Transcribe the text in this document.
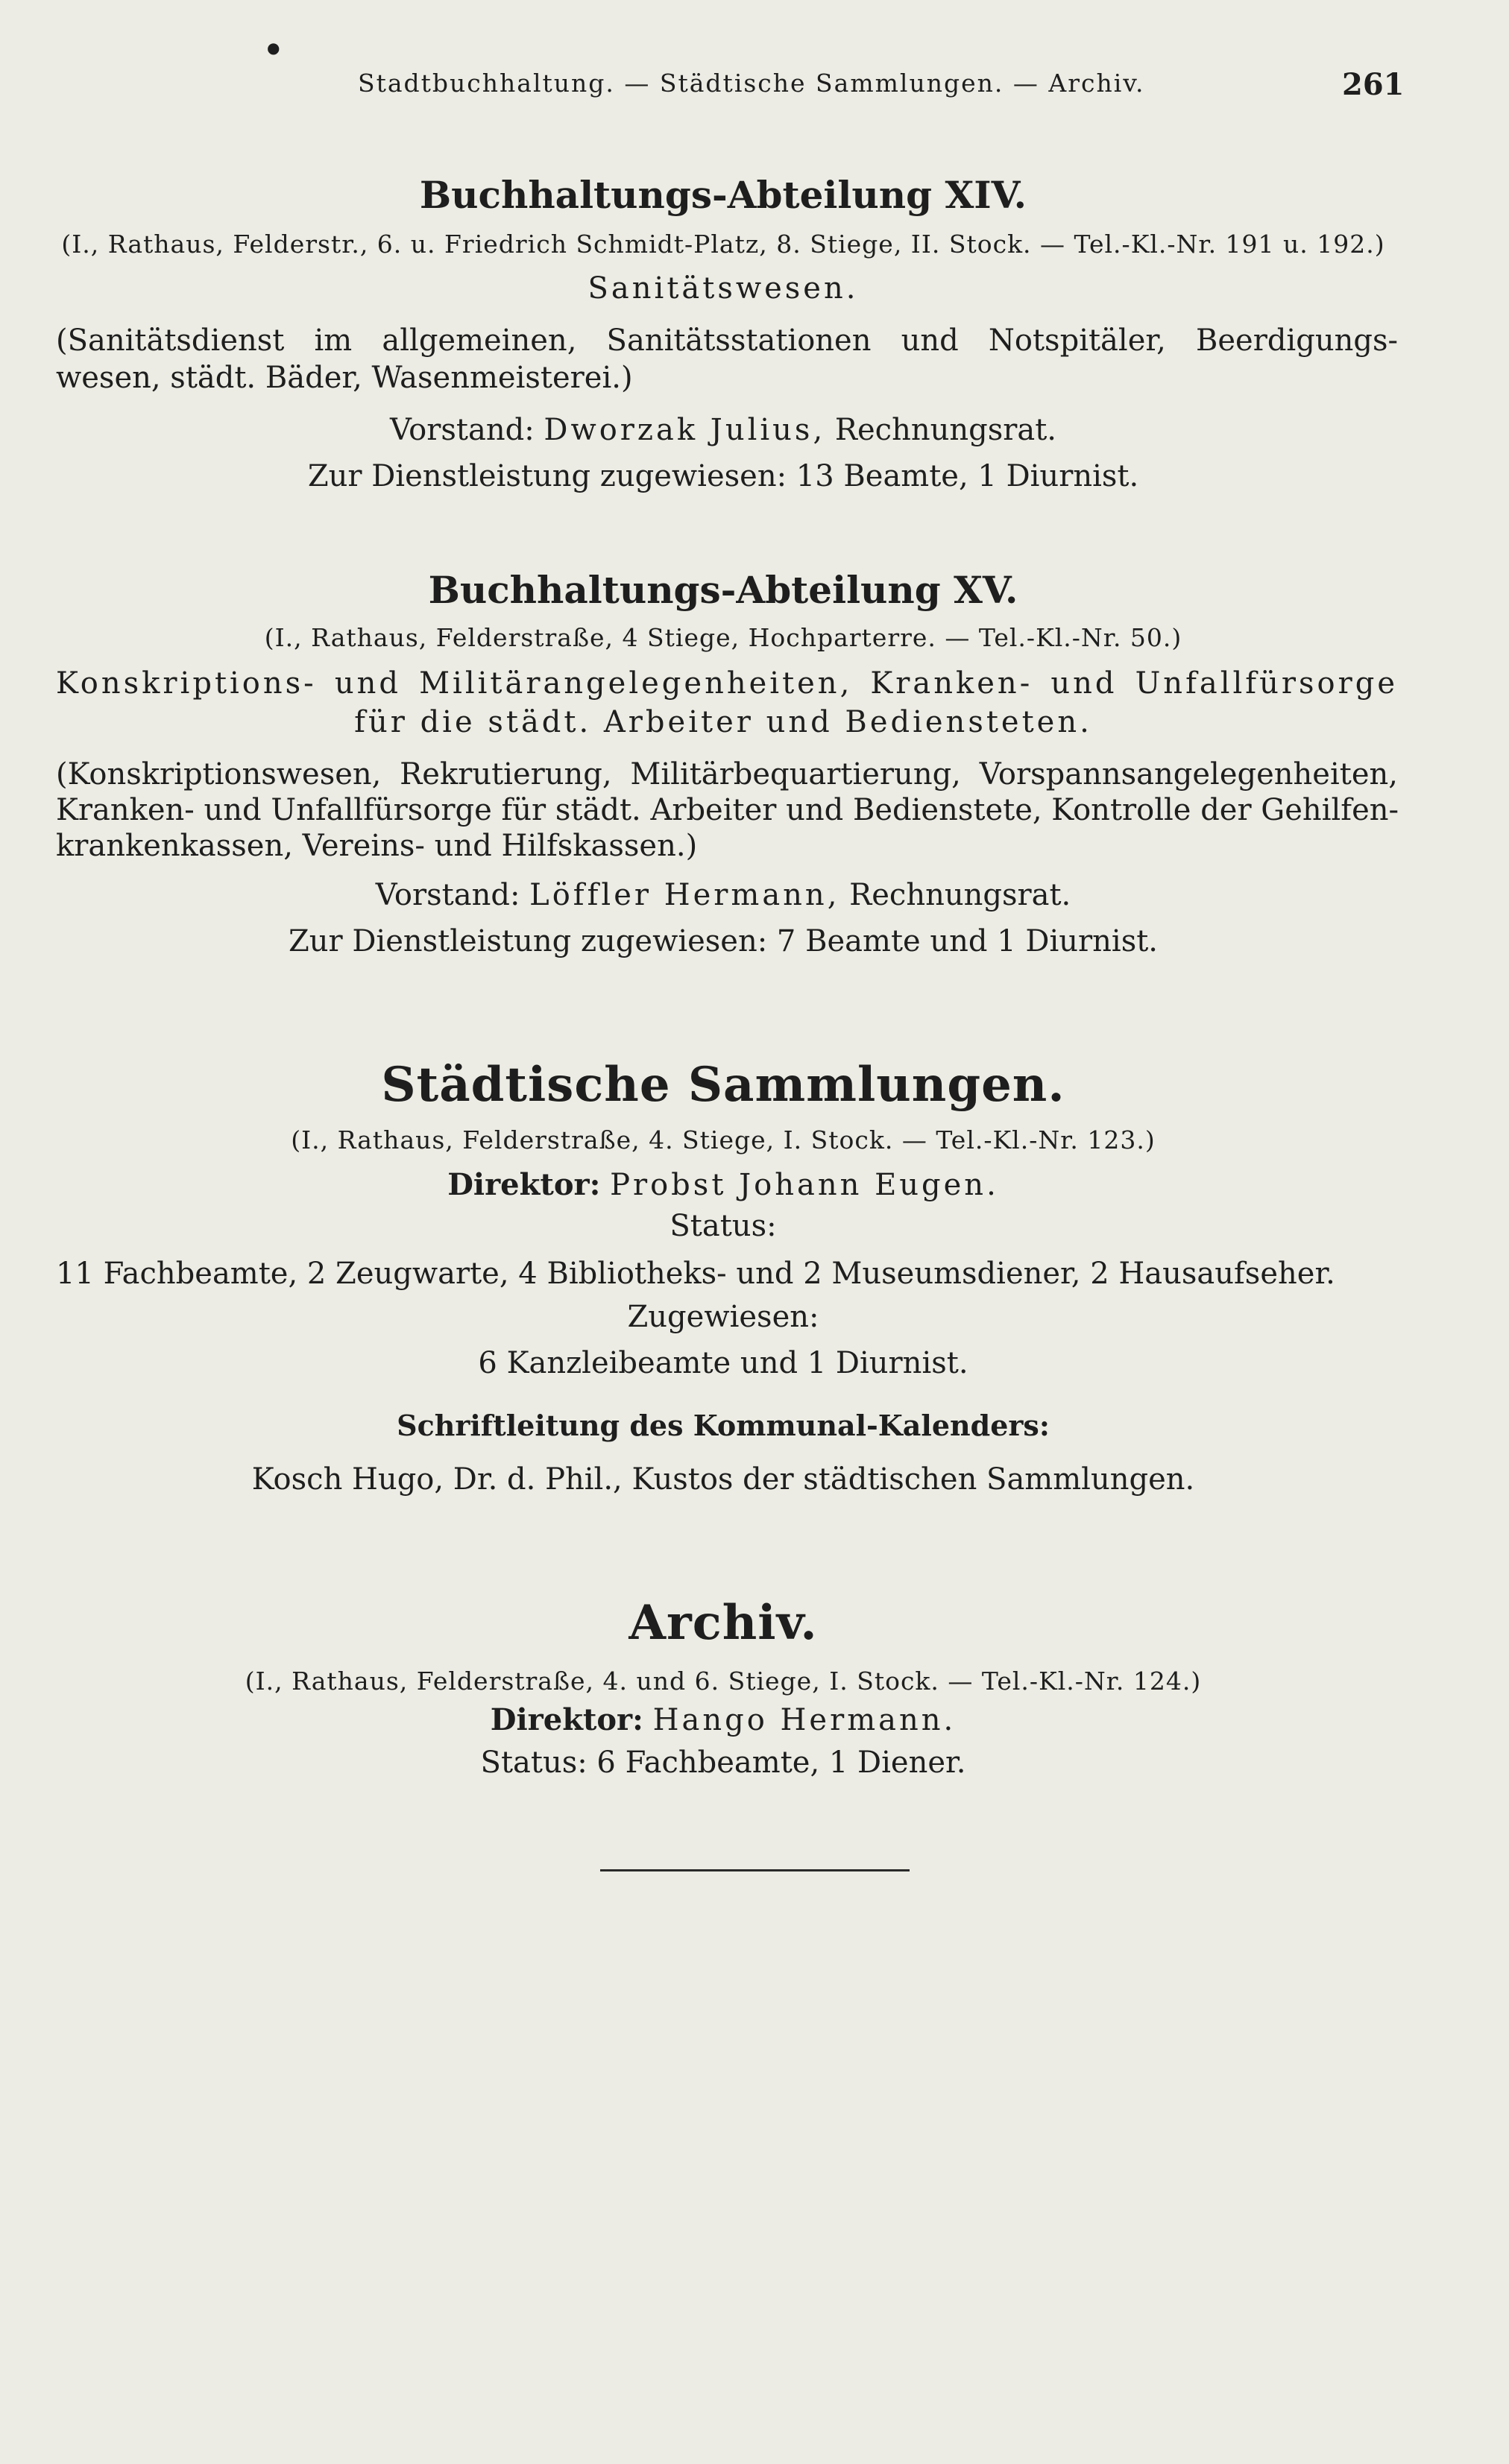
●
Stadtbuchhaltung. — Städtische Sammlungen. — Archiv.	261
Buchhaltungs-Abteilung XIV.
(I., Rathaus, Felderstr., 6. u. Friedrich Schmidt-Platz, 8. Stiege, II. Stock. — Tel.-Kl.-Nr. 191 u. 192.)
Sanitätswesen.
(Sanitätsdienst im allgemeinen, Sanitätsstationen und Notspitäler, Beerdigungs-
wesen, städt. Bäder, Wasenmeisterei.)
Vorstand: Dworzak Julius, Rechnungsrat.
Zur Dienstleistung zugewiesen: 13 Beamte, 1 Diurnist.
Buchhaltungs-Abteilung XV.
(I., Rathaus, Felderstraße, 4 Stiege, Hochparterre. — Tel.-Kl.-Nr. 50.)
Konskriptions- und Militärangelegenheiten, Kranken- und Unfallfürsorge
für die städt. Arbeiter und Bediensteten.
(Konskriptionswesen, Rekrutierung, Militärbequartierung, Vorspannsangelegenheiten,
Kranken- und Unfallfürsorge für städt. Arbeiter und Bedienstete, Kontrolle der Gehilfen-
krankenkassen, Vereins- und Hilfskassen.)
Vorstand: Löffler Hermann, Rechnungsrat.
Zur Dienstleistung zugewiesen: 7 Beamte und 1 Diurnist.
Städtische Sammlungen.
(I., Rathaus, Felderstraße, 4. Stiege, I. Stock. — Tel.-Kl.-Nr. 123.)
Direktor: Probst Johann Eugen.
Status:
11 Fachbeamte, 2 Zeugwarte, 4 Bibliotheks- und 2 Museumsdiener, 2 Hausaufseher.
Zugewiesen:
6 Kanzleibeamte und 1 Diurnist.
Schriftleitung des Kommunal-Kalenders:
Kosch Hugo, Dr. d. Phil., Kustos der städtischen Sammlungen.
Archiv.
(I., Rathaus, Felderstraße, 4. und 6. Stiege, I. Stock. — Tel.-Kl.-Nr. 124.)
Direktor: Hango Hermann.
Status: 6 Fachbeamte, 1 Diener.
